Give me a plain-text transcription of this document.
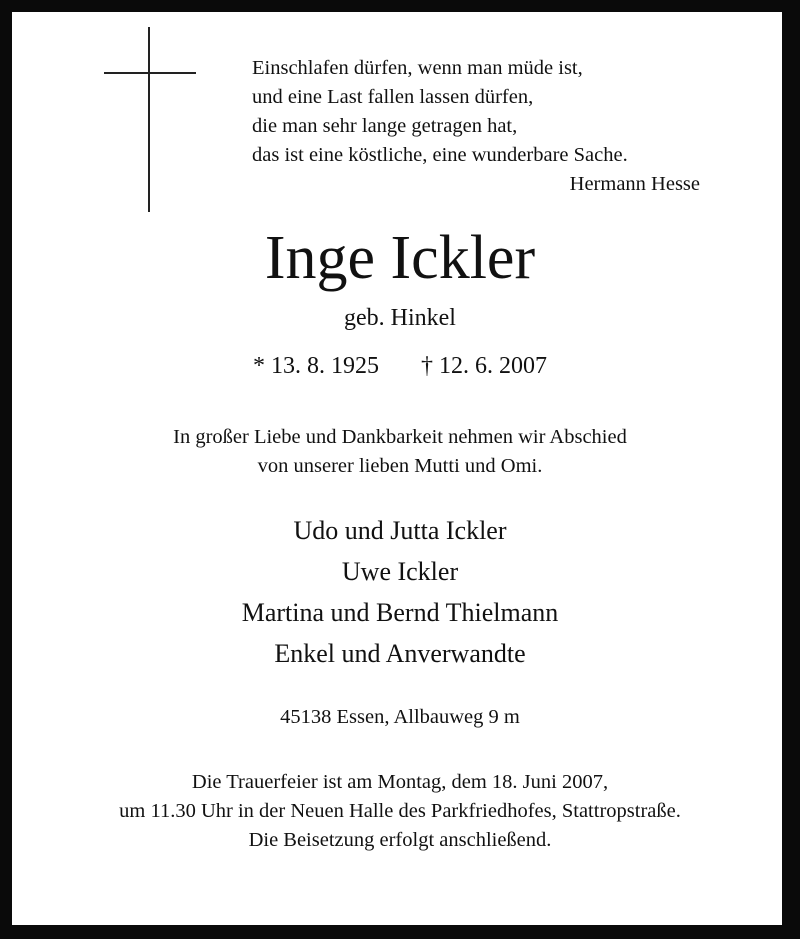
Einschlafen dürfen, wenn man müde ist,
und eine Last fallen lassen dürfen,
die man sehr lange getragen hat,
das ist eine köstliche, eine wunderbare Sache.
Hermann Hesse
Inge Ickler
geb. Hinkel
* 13. 8. 1925 † 12. 6. 2007
In großer Liebe und Dankbarkeit nehmen wir Abschied
von unserer lieben Mutti und Omi.
Udo und Jutta Ickler
Uwe Ickler
Martina und Bernd Thielmann
Enkel und Anverwandte
45138 Essen, Allbauweg 9 m
Die Trauerfeier ist am Montag, dem 18. Juni 2007,
um 11.30 Uhr in der Neuen Halle des Parkfriedhofes, Stattropstraße.
Die Beisetzung erfolgt anschließend.
